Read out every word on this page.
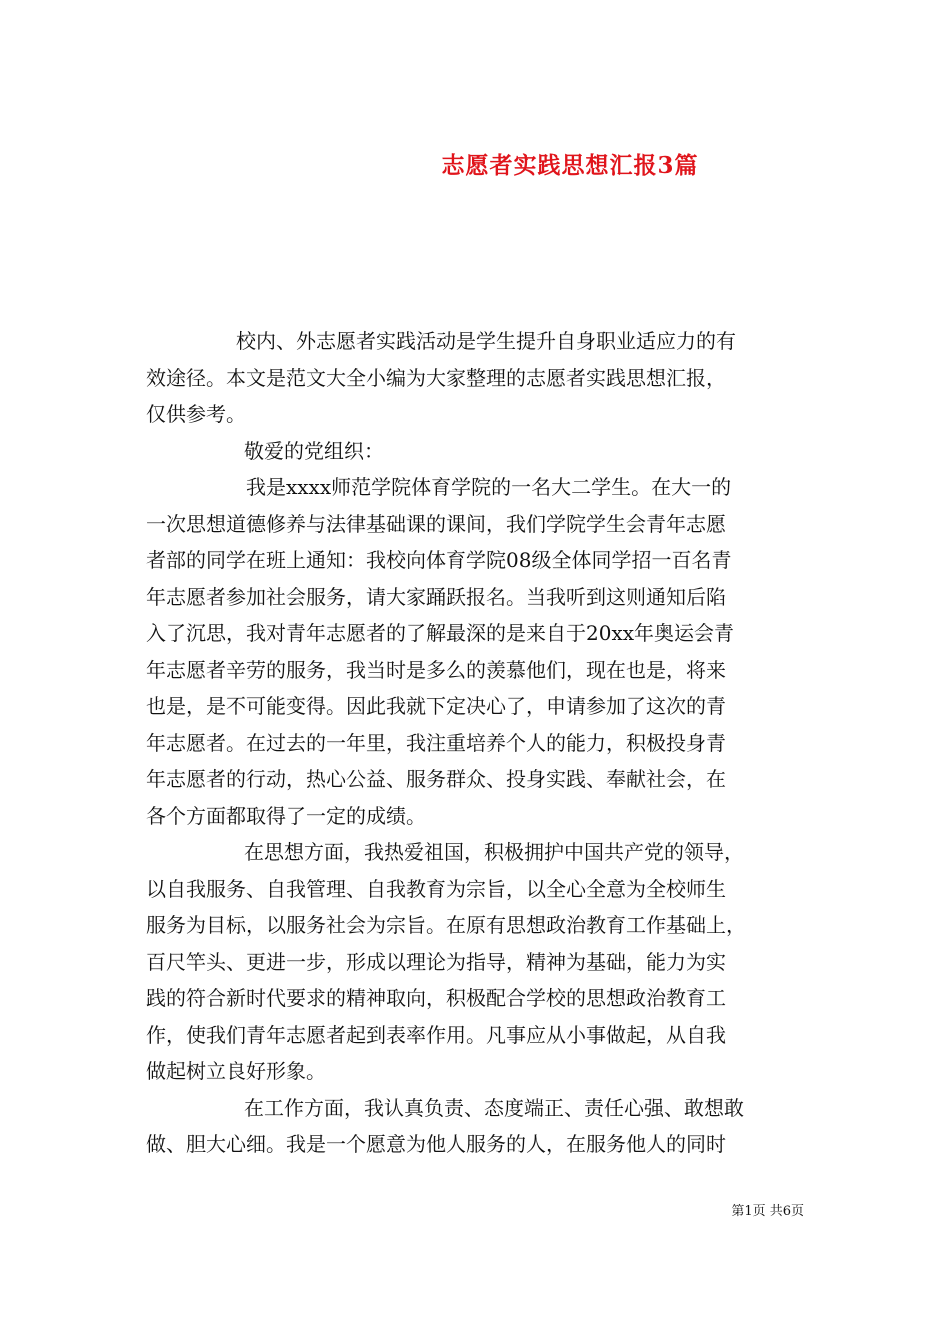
志愿者实践思想汇报3篇

校内、外志愿者实践活动是学生提升自身职业适应力的有
效途径。本文是范文大全小编为大家整理的志愿者实践思想汇报，
仅供参考。

敬爱的党组织：

我是xxxx师范学院体育学院的一名大二学生。在大一的
一次思想道德修养与法律基础课的课间，我们学院学生会青年志愿
者部的同学在班上通知：我校向体育学院08级全体同学招一百名青
年志愿者参加社会服务，请大家踊跃报名。当我听到这则通知后陷
入了沉思，我对青年志愿者的了解最深的是来自于20xx年奥运会青
年志愿者辛劳的服务，我当时是多么的羡慕他们，现在也是，将来
也是，是不可能变得。因此我就下定决心了，申请参加了这次的青
年志愿者。在过去的一年里，我注重培养个人的能力，积极投身青
年志愿者的行动，热心公益、服务群众、投身实践、奉献社会，在
各个方面都取得了一定的成绩。

在思想方面，我热爱祖国，积极拥护中国共产党的领导，
以自我服务、自我管理、自我教育为宗旨，以全心全意为全校师生
服务为目标，以服务社会为宗旨。在原有思想政治教育工作基础上，
百尺竿头、更进一步，形成以理论为指导，精神为基础，能力为实
践的符合新时代要求的精神取向，积极配合学校的思想政治教育工
作，使我们青年志愿者起到表率作用。凡事应从小事做起，从自我
做起树立良好形象。

在工作方面，我认真负责、态度端正、责任心强、敢想敢
做、胆大心细。我是一个愿意为他人服务的人，在服务他人的同时

第1页 共6页
